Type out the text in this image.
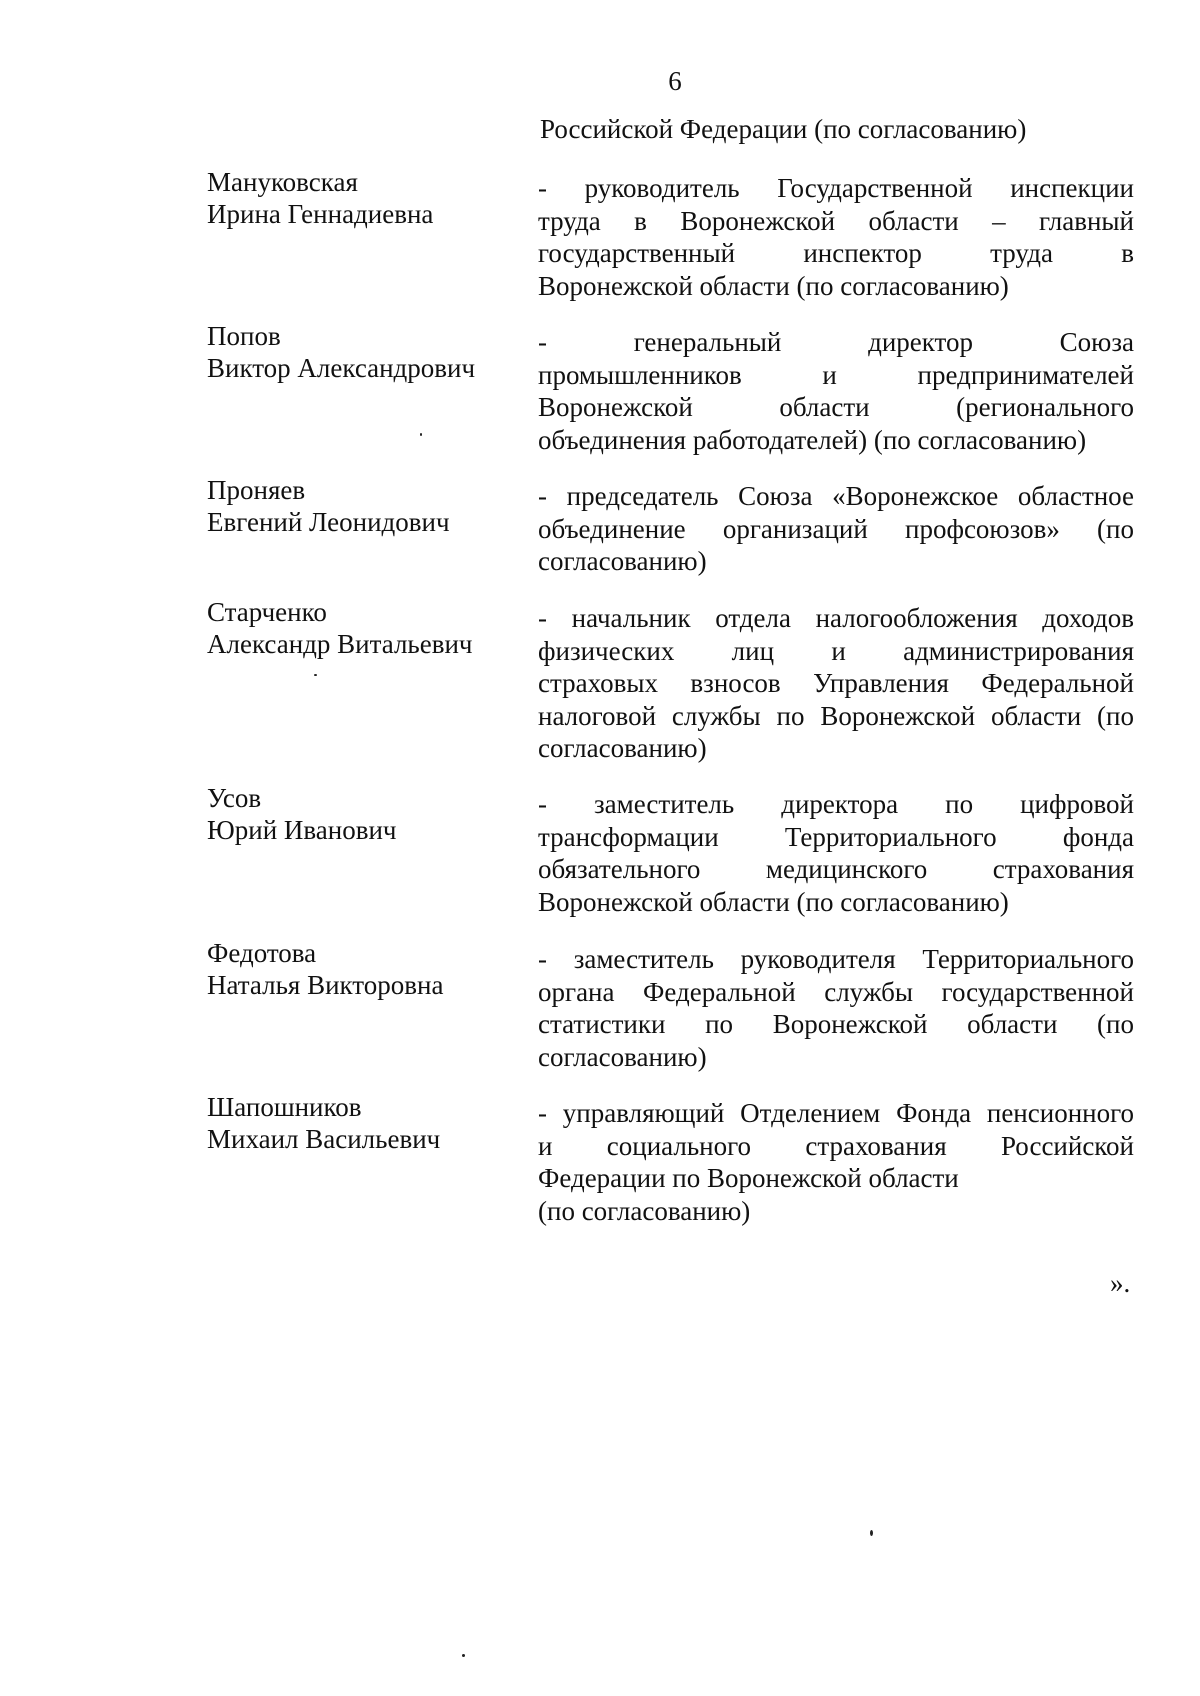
6
Российской Федерации (по согласованию)
Мануковская
Ирина Геннадиевна
- руководитель Государственной инспекции
труда в Воронежской области – главный
государственный инспектор труда в
Воронежской области (по согласованию)
Попов
Виктор Александрович
- генеральный директор Союза
промышленников и предпринимателей
Воронежской области (регионального
объединения работодателей) (по согласованию)
Проняев
Евгений Леонидович
- председатель Союза «Воронежское областное
объединение организаций профсоюзов» (по
согласованию)
Старченко
Александр Витальевич
- начальник отдела налогообложения доходов
физических лиц и администрирования
страховых взносов Управления Федеральной
налоговой службы по Воронежской области (по
согласованию)
Усов
Юрий Иванович
- заместитель директора по цифровой
трансформации Территориального фонда
обязательного медицинского страхования
Воронежской области (по согласованию)
Федотова
Наталья Викторовна
- заместитель руководителя Территориального
органа Федеральной службы государственной
статистики по Воронежской области (по
согласованию)
Шапошников
Михаил Васильевич
- управляющий Отделением Фонда пенсионного
и социального страхования Российской
Федерации по Воронежской области
(по согласованию)
».
